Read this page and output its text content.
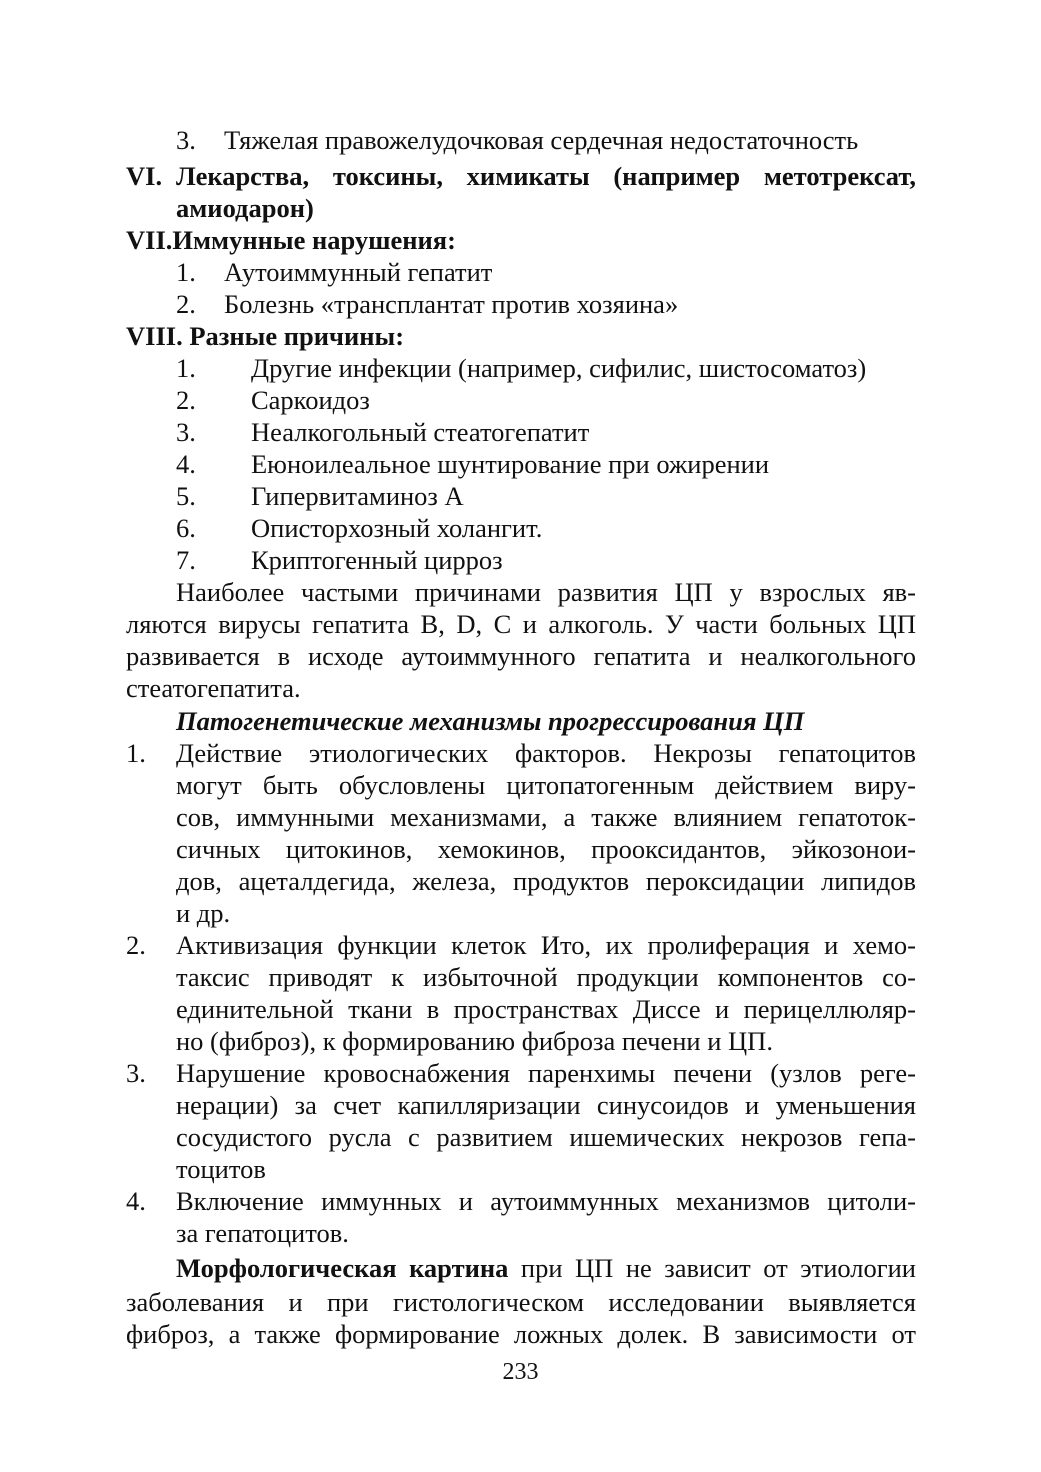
3. Тяжелая правожелудочковая сердечная недостаточность
VI. Лекарства, токсины, химикаты (например метотрексат,
амиодарон)
VII.Иммунные нарушения:
1. Аутоиммунный гепатит
2. Болезнь «трансплантат против хозяина»
VIII. Разные причины:
1. Другие инфекции (например, сифилис, шистосоматоз)
2. Саркоидоз
3. Неалкогольный стеатогепатит
4. Еюноилеальное шунтирование при ожирении
5. Гипервитаминоз А
6. Описторхозный холангит.
7. Криптогенный цирроз
Наиболее частыми причинами развития ЦП у взрослых яв-
ляются вирусы гепатита В, D, С и алкоголь. У части больных ЦП
развивается в исходе аутоиммунного гепатита и неалкогольного
стеатогепатита.
Патогенетические механизмы прогрессирования ЦП
1. Действие этиологических факторов. Некрозы гепатоцитов
могут быть обусловлены цитопатогенным действием виру-
сов, иммунными механизмами, а также влиянием гепатоток-
сичных цитокинов, хемокинов, прооксидантов, эйкозонои-
дов, ацеталдегида, железа, продуктов пероксидации липидов
и др.
2. Активизация функции клеток Ито, их пролиферация и хемо-
таксис приводят к избыточной продукции компонентов со-
единительной ткани в пространствах Диссе и перицеллюляр-
но (фиброз), к формированию фиброза печени и ЦП.
3. Нарушение кровоснабжения паренхимы печени (узлов реге-
нерации) за счет капилляризации синусоидов и уменьшения
сосудистого русла с развитием ишемических некрозов гепа-
тоцитов
4. Включение иммунных и аутоиммунных механизмов цитоли-
за гепатоцитов.
Морфологическая картина при ЦП не зависит от этиологии
заболевания и при гистологическом исследовании выявляется
фиброз, а также формирование ложных долек. В зависимости от
233
